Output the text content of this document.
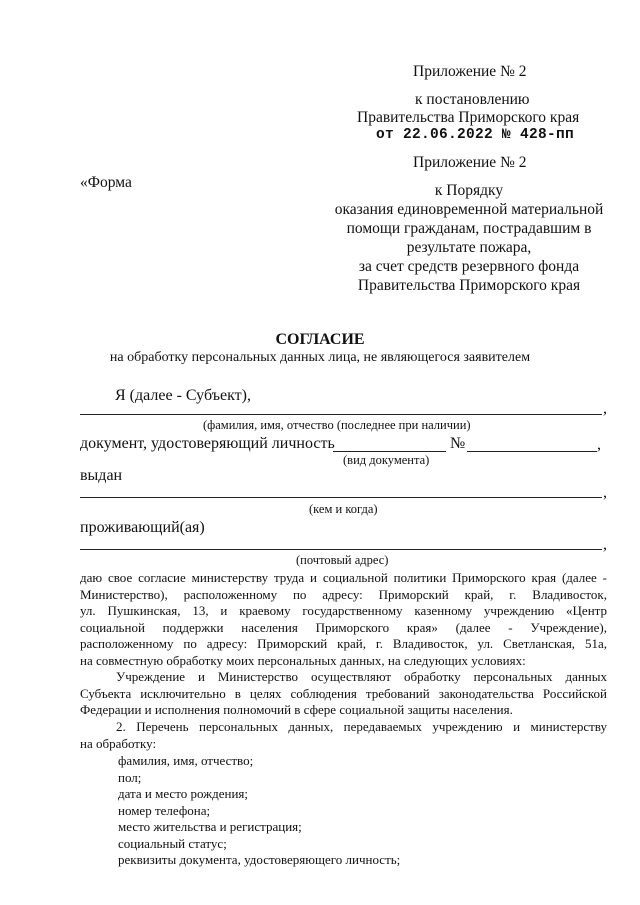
Приложение № 2
к постановлению
Правительства Приморского края
от 22.06.2022 № 428-пп
Приложение № 2
«Форма	к Порядку
оказания единовременной материальной
помощи гражданам, пострадавшим в
результате пожара,
за счет средств резервного фонда
Правительства Приморского края
СОГЛАСИЕ
на обработку персональных данных лица, не являющегося заявителем
Я (далее - Субъект),
,
(фамилия, имя, отчество (последнее при наличии)
документ, удостоверяющий личность	№	,
(вид документа)
выдан
,
(кем и когда)
проживающий(ая)
,
(почтовый адрес)
даю свое согласие министерству труда и социальной политики Приморского края (далее -
Министерство), расположенному по адресу: Приморский край, г. Владивосток,
ул. Пушкинская, 13, и краевому государственному казенному учреждению «Центр
социальной поддержки населения Приморского края» (далее - Учреждение),
расположенному по адресу: Приморский край, г. Владивосток, ул. Светланская, 51а,
на совместную обработку моих персональных данных, на следующих условиях:
Учреждение и Министерство осуществляют обработку персональных данных
Субъекта исключительно в целях соблюдения требований законодательства Российской
Федерации и исполнения полномочий в сфере социальной защиты населения.
2. Перечень персональных данных, передаваемых учреждению и министерству
на обработку:
фамилия, имя, отчество;
пол;
дата и место рождения;
номер телефона;
место жительства и регистрация;
социальный статус;
реквизиты документа, удостоверяющего личность;
